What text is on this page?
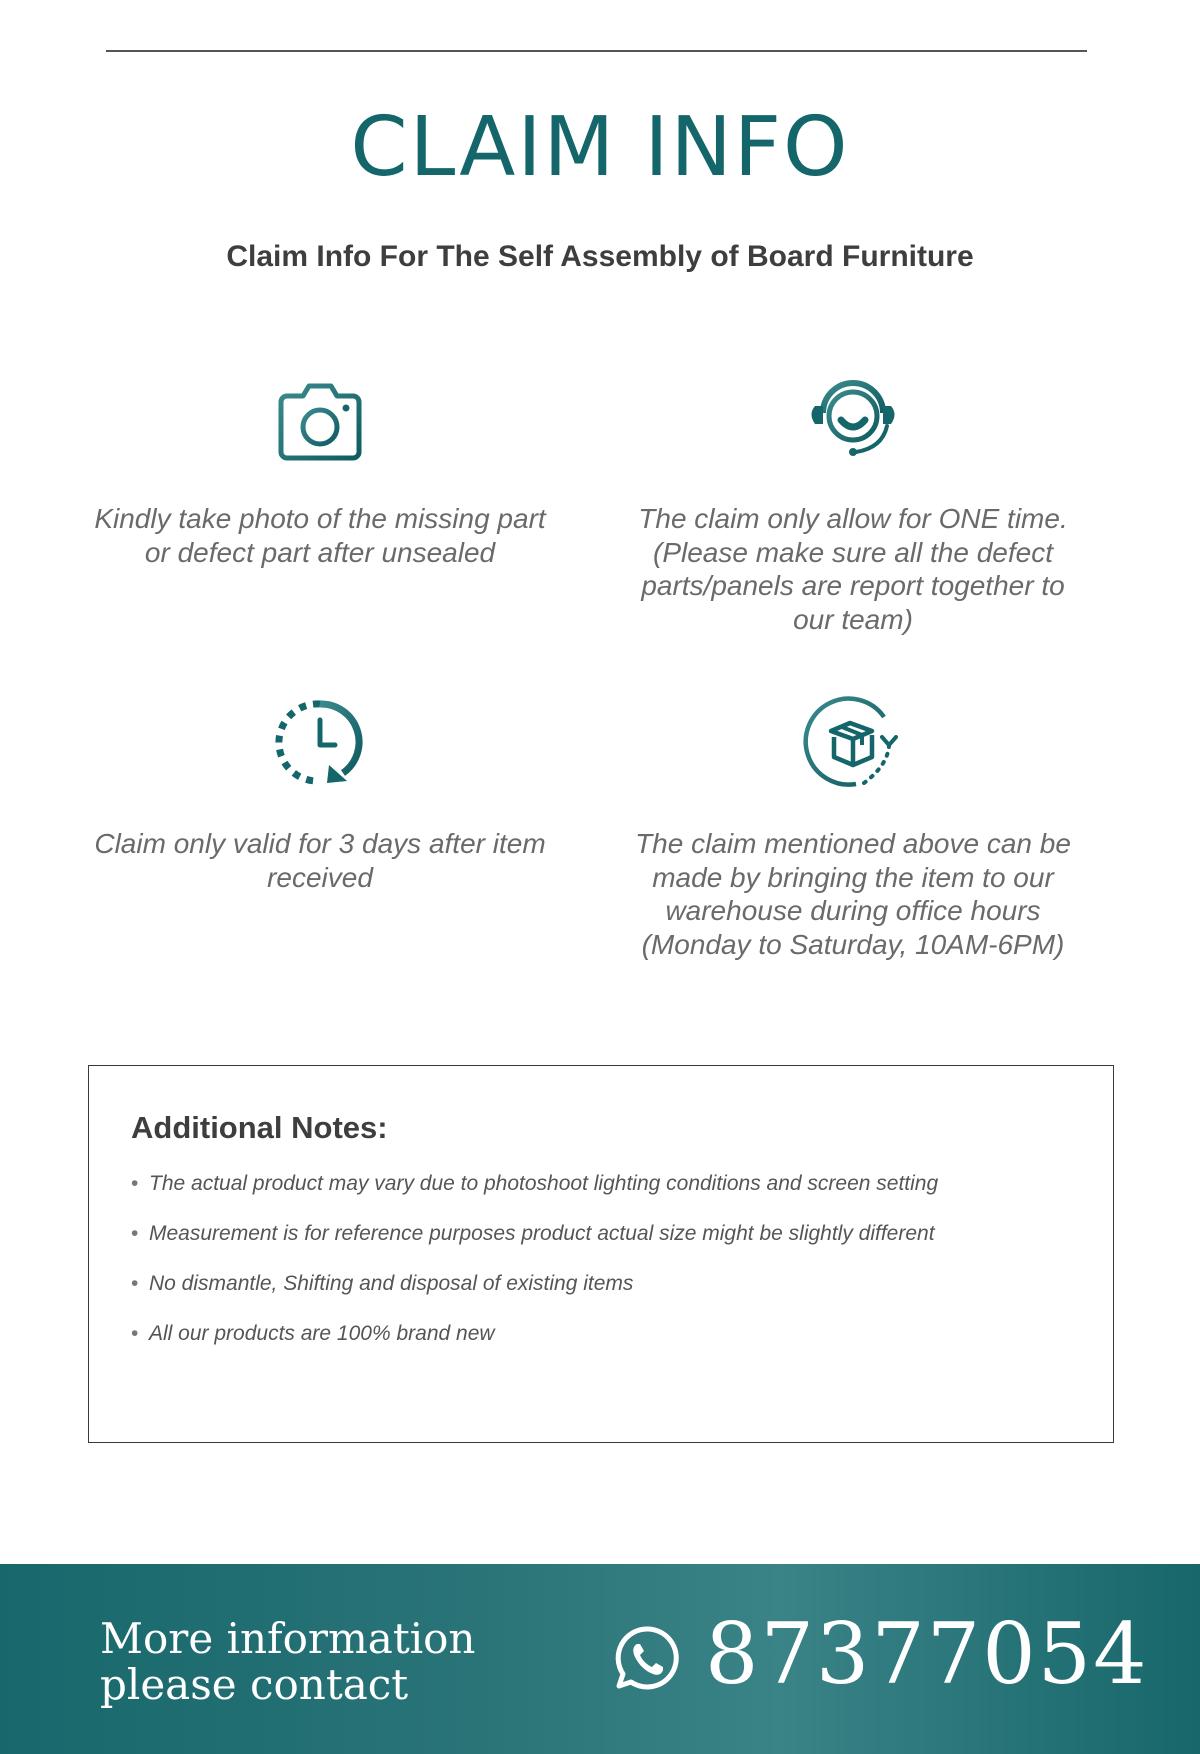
CLAIM INFO
Claim Info For The Self Assembly of Board Furniture
Kindly take photo of the missing part or defect part after unsealed
The claim only allow for ONE time. (Please make sure all the defect parts/panels are report together to our team)
Claim only valid for 3 days after item received
The claim mentioned above can be made by bringing the item to our warehouse during office hours (Monday to Saturday, 10AM-6PM)
Additional Notes:
• The actual product may vary due to photoshoot lighting conditions and screen setting
• Measurement is for reference purposes product actual size might be slightly different
• No dismantle, Shifting and disposal of existing items
• All our products are 100% brand new
More information
please contact	87377054
